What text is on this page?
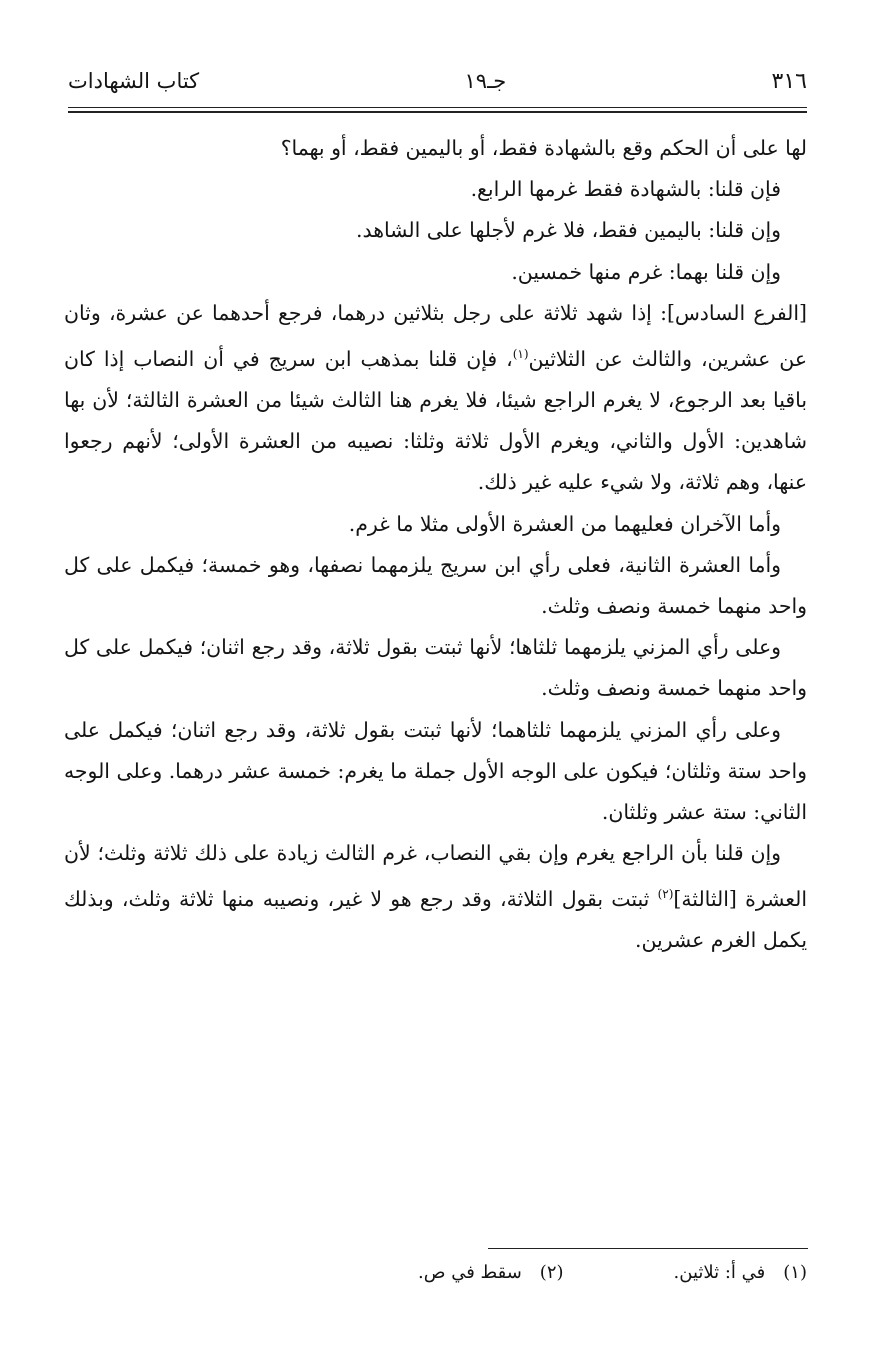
٣١٦
جـ١٩
كتاب الشهادات

لها على أن الحكم وقع بالشهادة فقط، أو باليمين فقط، أو بهما؟

فإن قلنا: بالشهادة فقط غرمها الرابع.

وإن قلنا: باليمين فقط، فلا غرم لأجلها على الشاهد.

وإن قلنا بهما: غرم منها خمسين.

[الفرع السادس]: إذا شهد ثلاثة على رجل بثلاثين درهما، فرجع أحدهما عن عشرة، وثان عن عشرين، والثالث عن الثلاثين$^{(١)}$، فإن قلنا بمذهب ابن سريج في أن النصاب إذا كان باقيا بعد الرجوع، لا يغرم الراجع شيئا، فلا يغرم هنا الثالث شيئا من العشرة الثالثة؛ لأن بها شاهدين: الأول والثاني، ويغرم الأول ثلاثة وثلثا: نصيبه من العشرة الأولى؛ لأنهم رجعوا عنها، وهم ثلاثة، ولا شيء عليه غير ذلك.

وأما الآخران فعليهما من العشرة الأولى مثلا ما غرم.

وأما العشرة الثانية، فعلى رأي ابن سريج يلزمهما نصفها، وهو خمسة؛ فيكمل على كل واحد منهما خمسة ونصف وثلث.

وعلى رأي المزني يلزمهما ثلثاها؛ لأنها ثبتت بقول ثلاثة، وقد رجع اثنان؛ فيكمل على كل واحد منهما خمسة ونصف وثلث.

وعلى رأي المزني يلزمهما ثلثاهما؛ لأنها ثبتت بقول ثلاثة، وقد رجع اثنان؛ فيكمل على واحد ستة وثلثان؛ فيكون على الوجه الأول جملة ما يغرم: خمسة عشر درهما. وعلى الوجه الثاني: ستة عشر وثلثان.

وإن قلنا بأن الراجع يغرم وإن بقي النصاب، غرم الثالث زيادة على ذلك ثلاثة وثلث؛ لأن العشرة [الثالثة]$^{(٢)}$ ثبتت بقول الثلاثة، وقد رجع هو لا غير، ونصيبه منها ثلاثة وثلث، وبذلك يكمل الغرم عشرين.

(١)
في أ: ثلاثين.
(٢)
سقط في ص.
